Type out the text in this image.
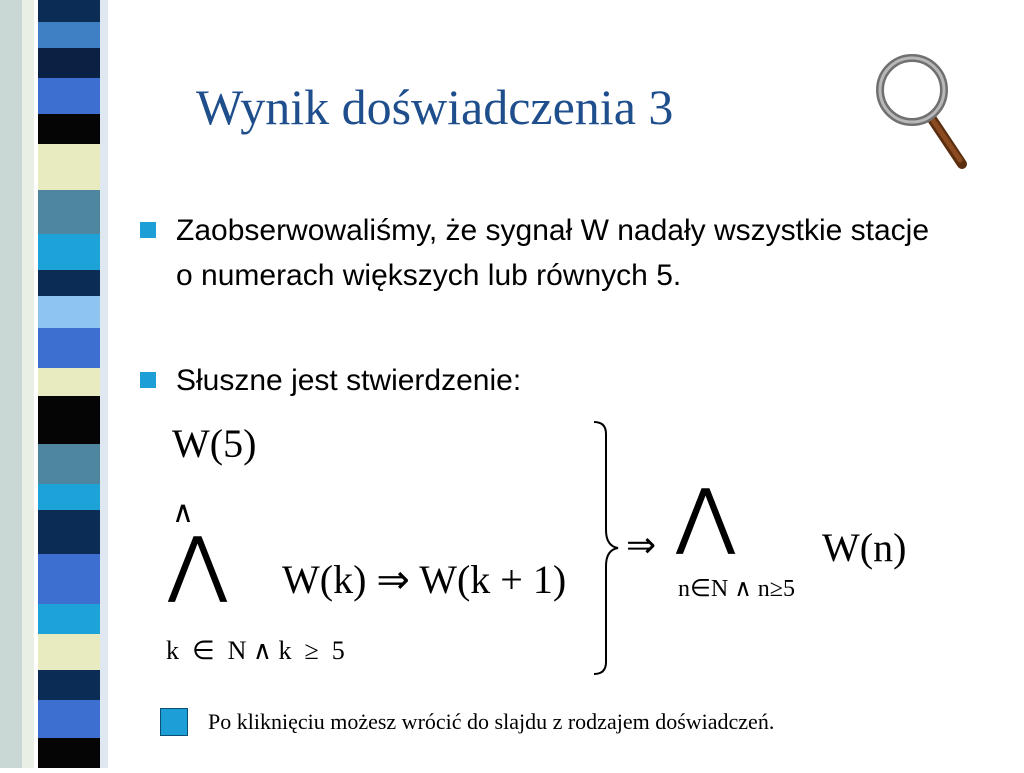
Wynik doświadczenia 3
Zaobserwowaliśmy, że sygnał W nadały wszystkie stacje o numerach większych lub równych 5.
Słuszne jest stwierdzenie:
W(5)
∧
⋀ W(k) ⇒ W(k + 1)
k  ∈  N ∧ k  ≥  5
⇒ ⋀ W(n)
n∈N ∧ n≥5
Po kliknięciu możesz wrócić do slajdu z rodzajem doświadczeń.
